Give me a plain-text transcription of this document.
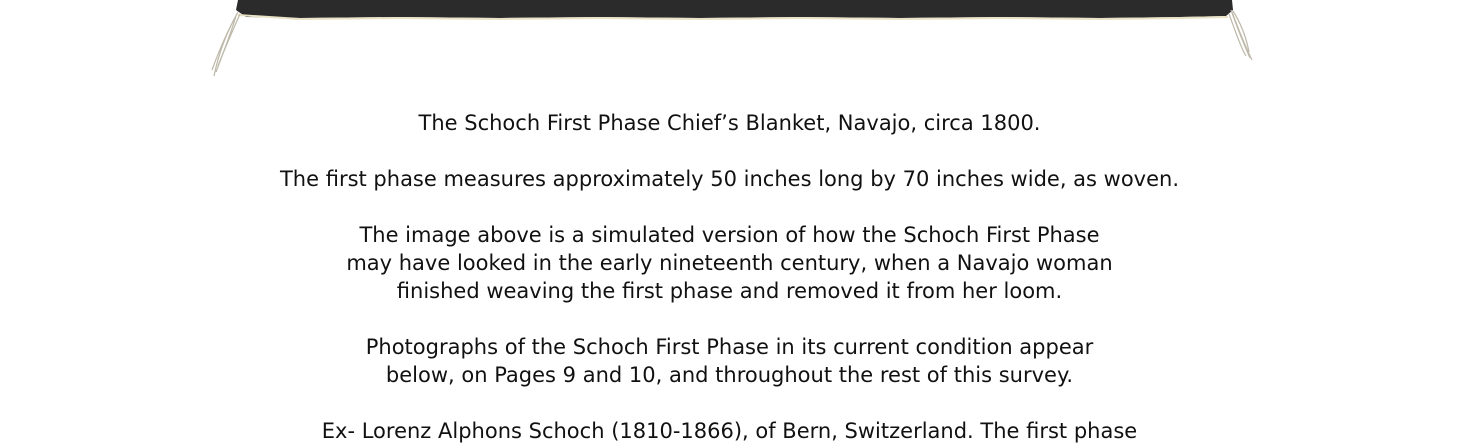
The Schoch First Phase Chief’s Blanket, Navajo, circa 1800.
The first phase measures approximately 50 inches long by 70 inches wide, as woven.
The image above is a simulated version of how the Schoch First Phase
may have looked in the early nineteenth century, when a Navajo woman
finished weaving the first phase and removed it from her loom.
Photographs of the Schoch First Phase in its current condition appear
below, on Pages 9 and 10, and throughout the rest of this survey.
Ex- Lorenz Alphons Schoch (1810-1866), of Bern, Switzerland. The first phase
